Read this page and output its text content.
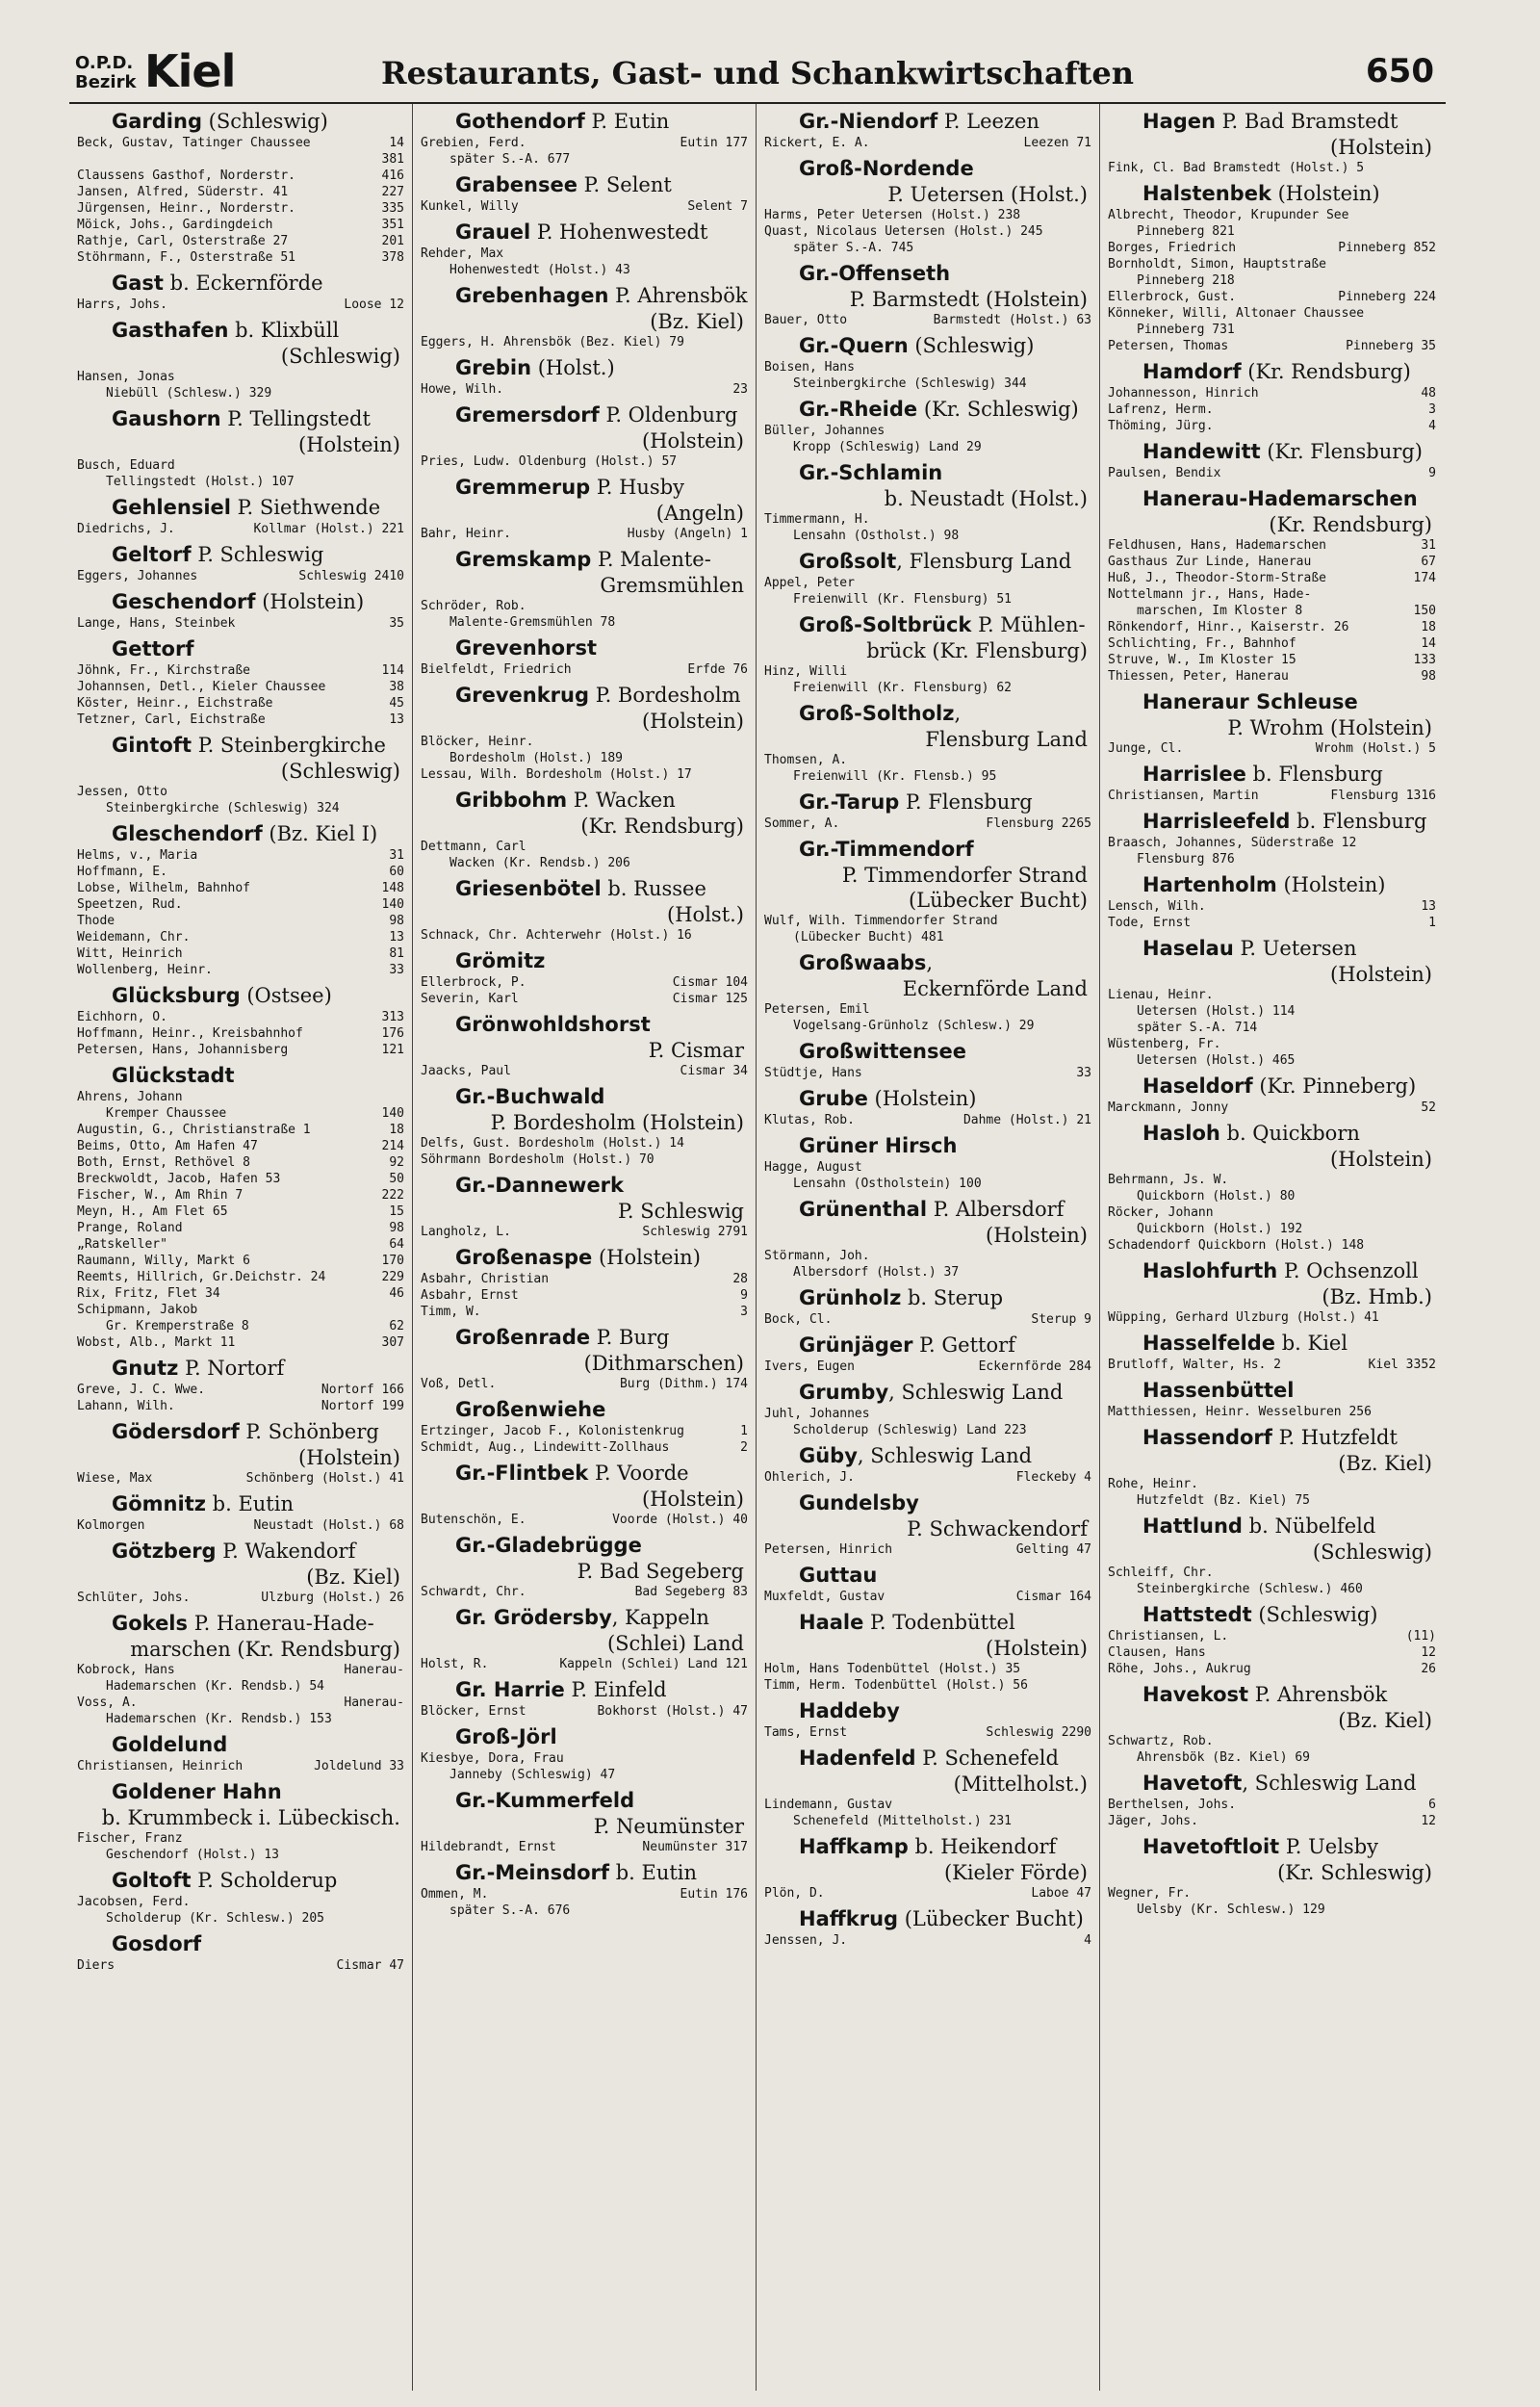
O.P.D.
Bezirk Kiel	Restaurants, Gast- und Schankwirtschaften	650
Garding (Schleswig)
Beck, Gustav, Tatinger Chaussee	14
381
Claussens Gasthof, Norderstr.	416
Jansen, Alfred, Süderstr. 41	227
Jürgensen, Heinr., Norderstr.	335
Möick, Johs., Gardingdeich	351
Rathje, Carl, Osterstraße 27	201
Stöhrmann, F., Osterstraße 51	378
Gast b. Eckernförde
Harrs, Johs.	Loose 12
Gasthafen b. Klixbüll
(Schleswig)
Hansen, Jonas
Niebüll (Schlesw.) 329
Gaushorn P. Tellingstedt
(Holstein)
Busch, Eduard
Tellingstedt (Holst.) 107
Gehlensiel P. Siethwende
Diedrichs, J.	Kollmar (Holst.) 221
Geltorf P. Schleswig
Eggers, Johannes	Schleswig 2410
Geschendorf (Holstein)
Lange, Hans, Steinbek	35
Gettorf
Jöhnk, Fr., Kirchstraße	114
Johannsen, Detl., Kieler Chaussee	38
Köster, Heinr., Eichstraße	45
Tetzner, Carl, Eichstraße	13
Gintoft P. Steinbergkirche
(Schleswig)
Jessen, Otto
Steinbergkirche (Schleswig) 324
Gleschendorf (Bz. Kiel I)
Helms, v., Maria	31
Hoffmann, E.	60
Lobse, Wilhelm, Bahnhof	148
Speetzen, Rud.	140
Thode	98
Weidemann, Chr.	13
Witt, Heinrich	81
Wollenberg, Heinr.	33
Glücksburg (Ostsee)
Eichhorn, O.	313
Hoffmann, Heinr., Kreisbahnhof	176
Petersen, Hans, Johannisberg	121
Glückstadt
Ahrens, Johann
Kremper Chaussee	140
Augustin, G., Christianstraße 1	18
Beims, Otto, Am Hafen 47	214
Both, Ernst, Rethövel 8	92
Breckwoldt, Jacob, Hafen 53	50
Fischer, W., Am Rhin 7	222
Meyn, H., Am Flet 65	15
Prange, Roland	98
„Ratskeller"	64
Raumann, Willy, Markt 6	170
Reemts, Hillrich, Gr.Deichstr. 24	229
Rix, Fritz, Flet 34	46
Schipmann, Jakob
Gr. Kremperstraße 8	62
Wobst, Alb., Markt 11	307
Gnutz P. Nortorf
Greve, J. C. Wwe.	Nortorf 166
Lahann, Wilh.	Nortorf 199
Gödersdorf P. Schönberg
(Holstein)
Wiese, Max	Schönberg (Holst.) 41
Gömnitz b. Eutin
Kolmorgen	Neustadt (Holst.) 68
Götzberg P. Wakendorf
(Bz. Kiel)
Schlüter, Johs.	Ulzburg (Holst.) 26
Gokels P. Hanerau-Hade-
marschen (Kr. Rendsburg)
Kobrock, Hans	Hanerau-
Hademarschen (Kr. Rendsb.) 54
Voss, A.	Hanerau-
Hademarschen (Kr. Rendsb.) 153
Goldelund
Christiansen, Heinrich	Joldelund 33
Goldener Hahn
b. Krummbeck i. Lübeckisch.
Fischer, Franz
Geschendorf (Holst.) 13
Goltoft P. Scholderup
Jacobsen, Ferd.
Scholderup (Kr. Schlesw.) 205
Gosdorf
Diers	Cismar 47
Gothendorf P. Eutin
Grebien, Ferd.	Eutin 177
später S.-A. 677
Grabensee P. Selent
Kunkel, Willy	Selent 7
Grauel P. Hohenwestedt
Rehder, Max
Hohenwestedt (Holst.) 43
Grebenhagen P. Ahrensbök
(Bz. Kiel)
Eggers, H. Ahrensbök (Bez. Kiel) 79
Grebin (Holst.)
Howe, Wilh.	23
Gremersdorf P. Oldenburg
(Holstein)
Pries, Ludw. Oldenburg (Holst.) 57
Gremmerup P. Husby
(Angeln)
Bahr, Heinr.	Husby (Angeln) 1
Gremskamp P. Malente-
Gremsmühlen
Schröder, Rob.
Malente-Gremsmühlen 78
Grevenhorst
Bielfeldt, Friedrich	Erfde 76
Grevenkrug P. Bordesholm
(Holstein)
Blöcker, Heinr.
Bordesholm (Holst.) 189
Lessau, Wilh. Bordesholm (Holst.) 17
Gribbohm P. Wacken
(Kr. Rendsburg)
Dettmann, Carl
Wacken (Kr. Rendsb.) 206
Griesenbötel b. Russee
(Holst.)
Schnack, Chr. Achterwehr (Holst.) 16
Grömitz
Ellerbrock, P.	Cismar 104
Severin, Karl	Cismar 125
Grönwohldshorst
P. Cismar
Jaacks, Paul	Cismar 34
Gr.-Buchwald
P. Bordesholm (Holstein)
Delfs, Gust. Bordesholm (Holst.) 14
Söhrmann Bordesholm (Holst.) 70
Gr.-Dannewerk
P. Schleswig
Langholz, L.	Schleswig 2791
Großenaspe (Holstein)
Asbahr, Christian	28
Asbahr, Ernst	9
Timm, W.	3
Großenrade P. Burg
(Dithmarschen)
Voß, Detl.	Burg (Dithm.) 174
Großenwiehe
Ertzinger, Jacob F., Kolonistenkrug	1
Schmidt, Aug., Lindewitt-Zollhaus	2
Gr.-Flintbek P. Voorde
(Holstein)
Butenschön, E.	Voorde (Holst.) 40
Gr.-Gladebrügge
P. Bad Segeberg
Schwardt, Chr.	Bad Segeberg 83
Gr. Grödersby, Kappeln
(Schlei) Land
Holst, R.	Kappeln (Schlei) Land 121
Gr. Harrie P. Einfeld
Blöcker, Ernst	Bokhorst (Holst.) 47
Groß-Jörl
Kiesbye, Dora, Frau
Janneby (Schleswig) 47
Gr.-Kummerfeld
P. Neumünster
Hildebrandt, Ernst	Neumünster 317
Gr.-Meinsdorf b. Eutin
Ommen, M.	Eutin 176
später S.-A. 676
Gr.-Niendorf P. Leezen
Rickert, E. A.	Leezen 71
Groß-Nordende
P. Uetersen (Holst.)
Harms, Peter Uetersen (Holst.) 238
Quast, Nicolaus Uetersen (Holst.) 245
später S.-A. 745
Gr.-Offenseth
P. Barmstedt (Holstein)
Bauer, Otto	Barmstedt (Holst.) 63
Gr.-Quern (Schleswig)
Boisen, Hans
Steinbergkirche (Schleswig) 344
Gr.-Rheide (Kr. Schleswig)
Büller, Johannes
Kropp (Schleswig) Land 29
Gr.-Schlamin
b. Neustadt (Holst.)
Timmermann, H.
Lensahn (Ostholst.) 98
Großsolt, Flensburg Land
Appel, Peter
Freienwill (Kr. Flensburg) 51
Groß-Soltbrück P. Mühlen-
brück (Kr. Flensburg)
Hinz, Willi
Freienwill (Kr. Flensburg) 62
Groß-Soltholz,
Flensburg Land
Thomsen, A.
Freienwill (Kr. Flensb.) 95
Gr.-Tarup P. Flensburg
Sommer, A.	Flensburg 2265
Gr.-Timmendorf
P. Timmendorfer Strand (Lübecker Bucht)
Wulf, Wilh. Timmendorfer Strand
(Lübecker Bucht) 481
Großwaabs,
Eckernförde Land
Petersen, Emil
Vogelsang-Grünholz (Schlesw.) 29
Großwittensee
Stüdtje, Hans	33
Grube (Holstein)
Klutas, Rob.	Dahme (Holst.) 21
Grüner Hirsch
Hagge, August
Lensahn (Ostholstein) 100
Grünenthal P. Albersdorf
(Holstein)
Störmann, Joh.
Albersdorf (Holst.) 37
Grünholz b. Sterup
Bock, Cl.	Sterup 9
Grünjäger P. Gettorf
Ivers, Eugen	Eckernförde 284
Grumby, Schleswig Land
Juhl, Johannes
Scholderup (Schleswig) Land 223
Güby, Schleswig Land
Ohlerich, J.	Fleckeby 4
Gundelsby
P. Schwackendorf
Petersen, Hinrich	Gelting 47
Guttau
Muxfeldt, Gustav	Cismar 164
Haale P. Todenbüttel
(Holstein)
Holm, Hans Todenbüttel (Holst.) 35
Timm, Herm. Todenbüttel (Holst.) 56
Haddeby
Tams, Ernst	Schleswig 2290
Hadenfeld P. Schenefeld
(Mittelholst.)
Lindemann, Gustav
Schenefeld (Mittelholst.) 231
Haffkamp b. Heikendorf
(Kieler Förde)
Plön, D.	Laboe 47
Haffkrug (Lübecker Bucht)
Jenssen, J.	4
Hagen P. Bad Bramstedt
(Holstein)
Fink, Cl. Bad Bramstedt (Holst.) 5
Halstenbek (Holstein)
Albrecht, Theodor, Krupunder See
Pinneberg 821
Borges, Friedrich	Pinneberg 852
Bornholdt, Simon, Hauptstraße
Pinneberg 218
Ellerbrock, Gust.	Pinneberg 224
Könneker, Willi, Altonaer Chaussee
Pinneberg 731
Petersen, Thomas	Pinneberg 35
Hamdorf (Kr. Rendsburg)
Johannesson, Hinrich	48
Lafrenz, Herm.	3
Thöming, Jürg.	4
Handewitt (Kr. Flensburg)
Paulsen, Bendix	9
Hanerau-Hademarschen
(Kr. Rendsburg)
Feldhusen, Hans, Hademarschen	31
Gasthaus Zur Linde, Hanerau	67
Huß, J., Theodor-Storm-Straße	174
Nottelmann jr., Hans, Hade-
marschen, Im Kloster 8	150
Rönkendorf, Hinr., Kaiserstr. 26	18
Schlichting, Fr., Bahnhof	14
Struve, W., Im Kloster 15	133
Thiessen, Peter, Hanerau	98
Haneraur Schleuse
P. Wrohm (Holstein)
Junge, Cl.	Wrohm (Holst.) 5
Harrislee b. Flensburg
Christiansen, Martin	Flensburg 1316
Harrisleefeld b. Flensburg
Braasch, Johannes, Süderstraße 12
Flensburg 876
Hartenholm (Holstein)
Lensch, Wilh.	13
Tode, Ernst	1
Haselau P. Uetersen
(Holstein)
Lienau, Heinr.
Uetersen (Holst.) 114
später S.-A. 714
Wüstenberg, Fr.
Uetersen (Holst.) 465
Haseldorf (Kr. Pinneberg)
Marckmann, Jonny	52
Hasloh b. Quickborn
(Holstein)
Behrmann, Js. W.
Quickborn (Holst.) 80
Röcker, Johann
Quickborn (Holst.) 192
Schadendorf Quickborn (Holst.) 148
Haslohfurth P. Ochsenzoll
(Bz. Hmb.)
Wüpping, Gerhard Ulzburg (Holst.) 41
Hasselfelde b. Kiel
Brutloff, Walter, Hs. 2	Kiel 3352
Hassenbüttel
Matthiessen, Heinr. Wesselburen 256
Hassendorf P. Hutzfeldt
(Bz. Kiel)
Rohe, Heinr.
Hutzfeldt (Bz. Kiel) 75
Hattlund b. Nübelfeld
(Schleswig)
Schleiff, Chr.
Steinbergkirche (Schlesw.) 460
Hattstedt (Schleswig)
Christiansen, L.	(11)
Clausen, Hans	12
Röhe, Johs., Aukrug	26
Havekost P. Ahrensbök
(Bz. Kiel)
Schwartz, Rob.
Ahrensbök (Bz. Kiel) 69
Havetoft, Schleswig Land
Berthelsen, Johs.	6
Jäger, Johs.	12
Havetoftloit P. Uelsby
(Kr. Schleswig)
Wegner, Fr.
Uelsby (Kr. Schlesw.) 129
